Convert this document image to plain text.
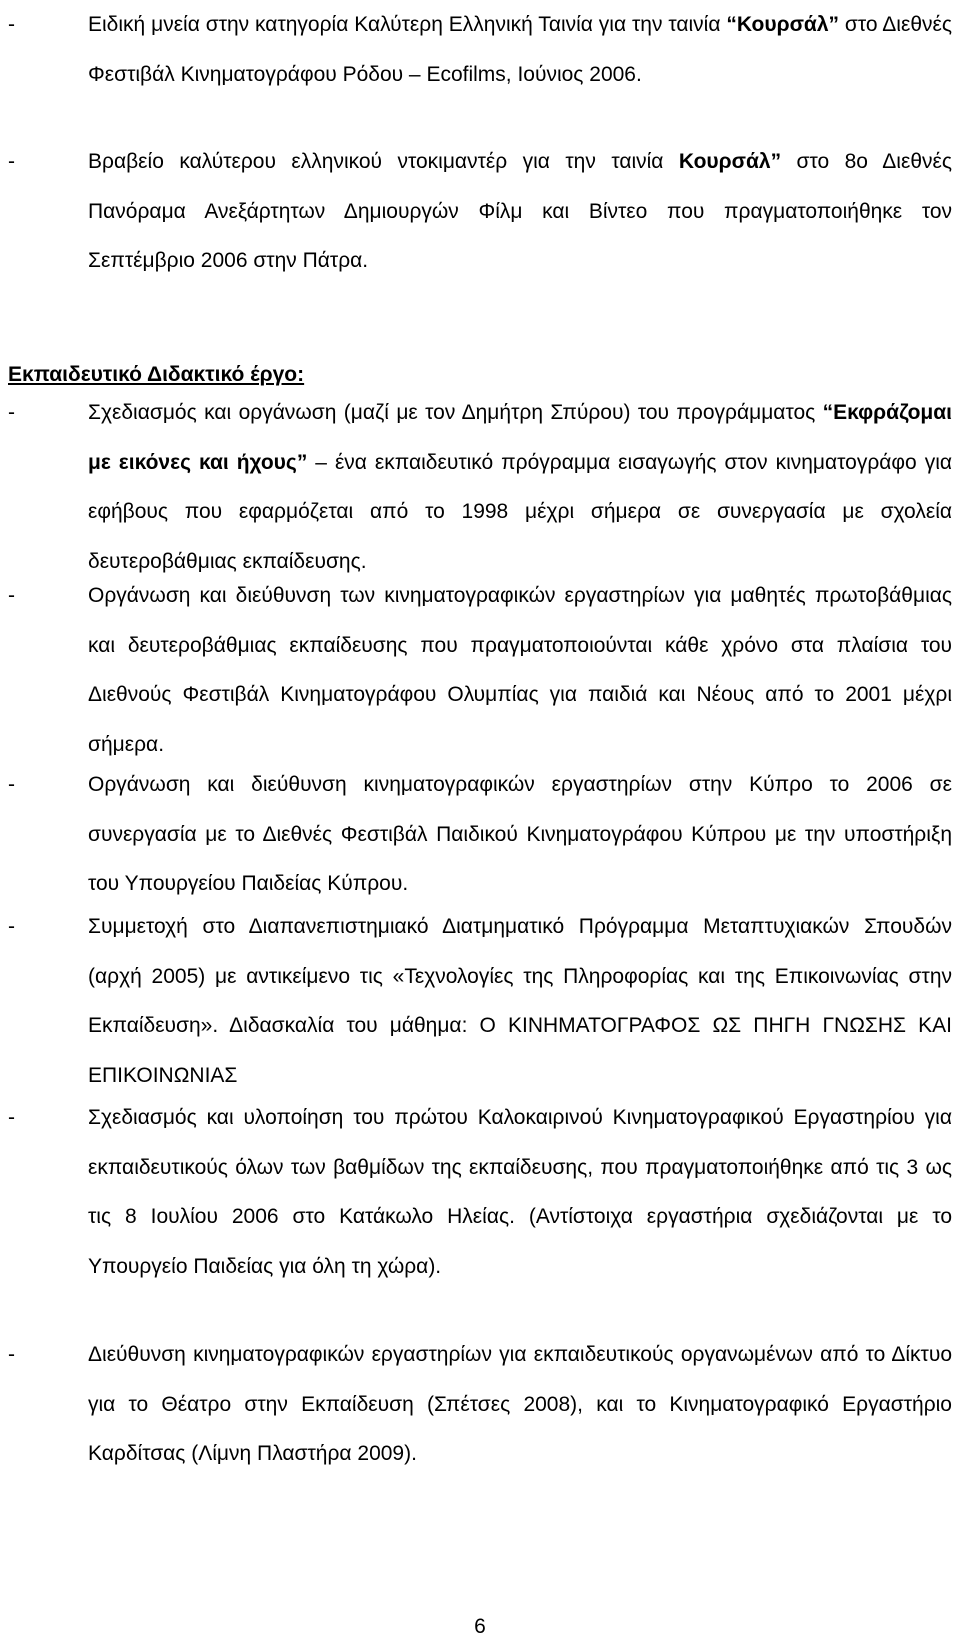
-	Ειδική μνεία στην κατηγορία Καλύτερη Ελληνική Ταινία για την ταινία “Κουρσάλ” στο Διεθνές Φεστιβάλ Κινηματογράφου Ρόδου – Ecofilms, Ιούνιος 2006.
-	Βραβείο καλύτερου ελληνικού ντοκιμαντέρ για την ταινία Κουρσάλ” στο 8ο Διεθνές Πανόραμα Ανεξάρτητων Δημιουργών Φίλμ και Βίντεο που πραγματοποιήθηκε τον Σεπτέμβριο 2006 στην Πάτρα.
Εκπαιδευτικό Διδακτικό έργο:
-	Σχεδιασμός και οργάνωση (μαζί με τον Δημήτρη Σπύρου) του προγράμματος “Εκφράζομαι με εικόνες και ήχους” – ένα εκπαιδευτικό πρόγραμμα εισαγωγής στον κινηματογράφο για εφήβους που εφαρμόζεται από το 1998 μέχρι σήμερα σε συνεργασία με σχολεία δευτεροβάθμιας εκπαίδευσης.
-	Οργάνωση και διεύθυνση των κινηματογραφικών εργαστηρίων για μαθητές πρωτοβάθμιας και δευτεροβάθμιας εκπαίδευσης που πραγματοποιούνται κάθε χρόνο στα πλαίσια του Διεθνούς Φεστιβάλ Κινηματογράφου Ολυμπίας για παιδιά και Νέους από το 2001 μέχρι σήμερα.
-	Οργάνωση και διεύθυνση κινηματογραφικών εργαστηρίων στην Κύπρο το 2006 σε συνεργασία με το Διεθνές Φεστιβάλ Παιδικού Κινηματογράφου Κύπρου με την υποστήριξη του Υπουργείου Παιδείας Κύπρου.
-	Συμμετοχή στο Διαπανεπιστημιακό Διατμηματικό Πρόγραμμα Μεταπτυχιακών Σπουδών (αρχή 2005) με αντικείμενο τις «Τεχνολογίες της Πληροφορίας και της Επικοινωνίας στην Εκπαίδευση». Διδασκαλία του μάθημα: Ο ΚΙΝΗΜΑΤΟΓΡΑΦΟΣ ΩΣ ΠΗΓΗ ΓΝΩΣΗΣ ΚΑΙ ΕΠΙΚΟΙΝΩΝΙΑΣ
-	Σχεδιασμός και υλοποίηση του πρώτου Καλοκαιρινού Κινηματογραφικού Εργαστηρίου για εκπαιδευτικούς όλων των βαθμίδων της εκπαίδευσης, που πραγματοποιήθηκε από τις 3 ως τις 8 Ιουλίου 2006 στο Κατάκωλο Ηλείας. (Αντίστοιχα εργαστήρια σχεδιάζονται με το Υπουργείο Παιδείας για όλη τη χώρα).
-	Διεύθυνση κινηματογραφικών εργαστηρίων για εκπαιδευτικούς οργανωμένων από το Δίκτυο για το Θέατρο στην Εκπαίδευση (Σπέτσες 2008), και το Κινηματογραφικό Εργαστήριο Καρδίτσας (Λίμνη Πλαστήρα 2009).
6
